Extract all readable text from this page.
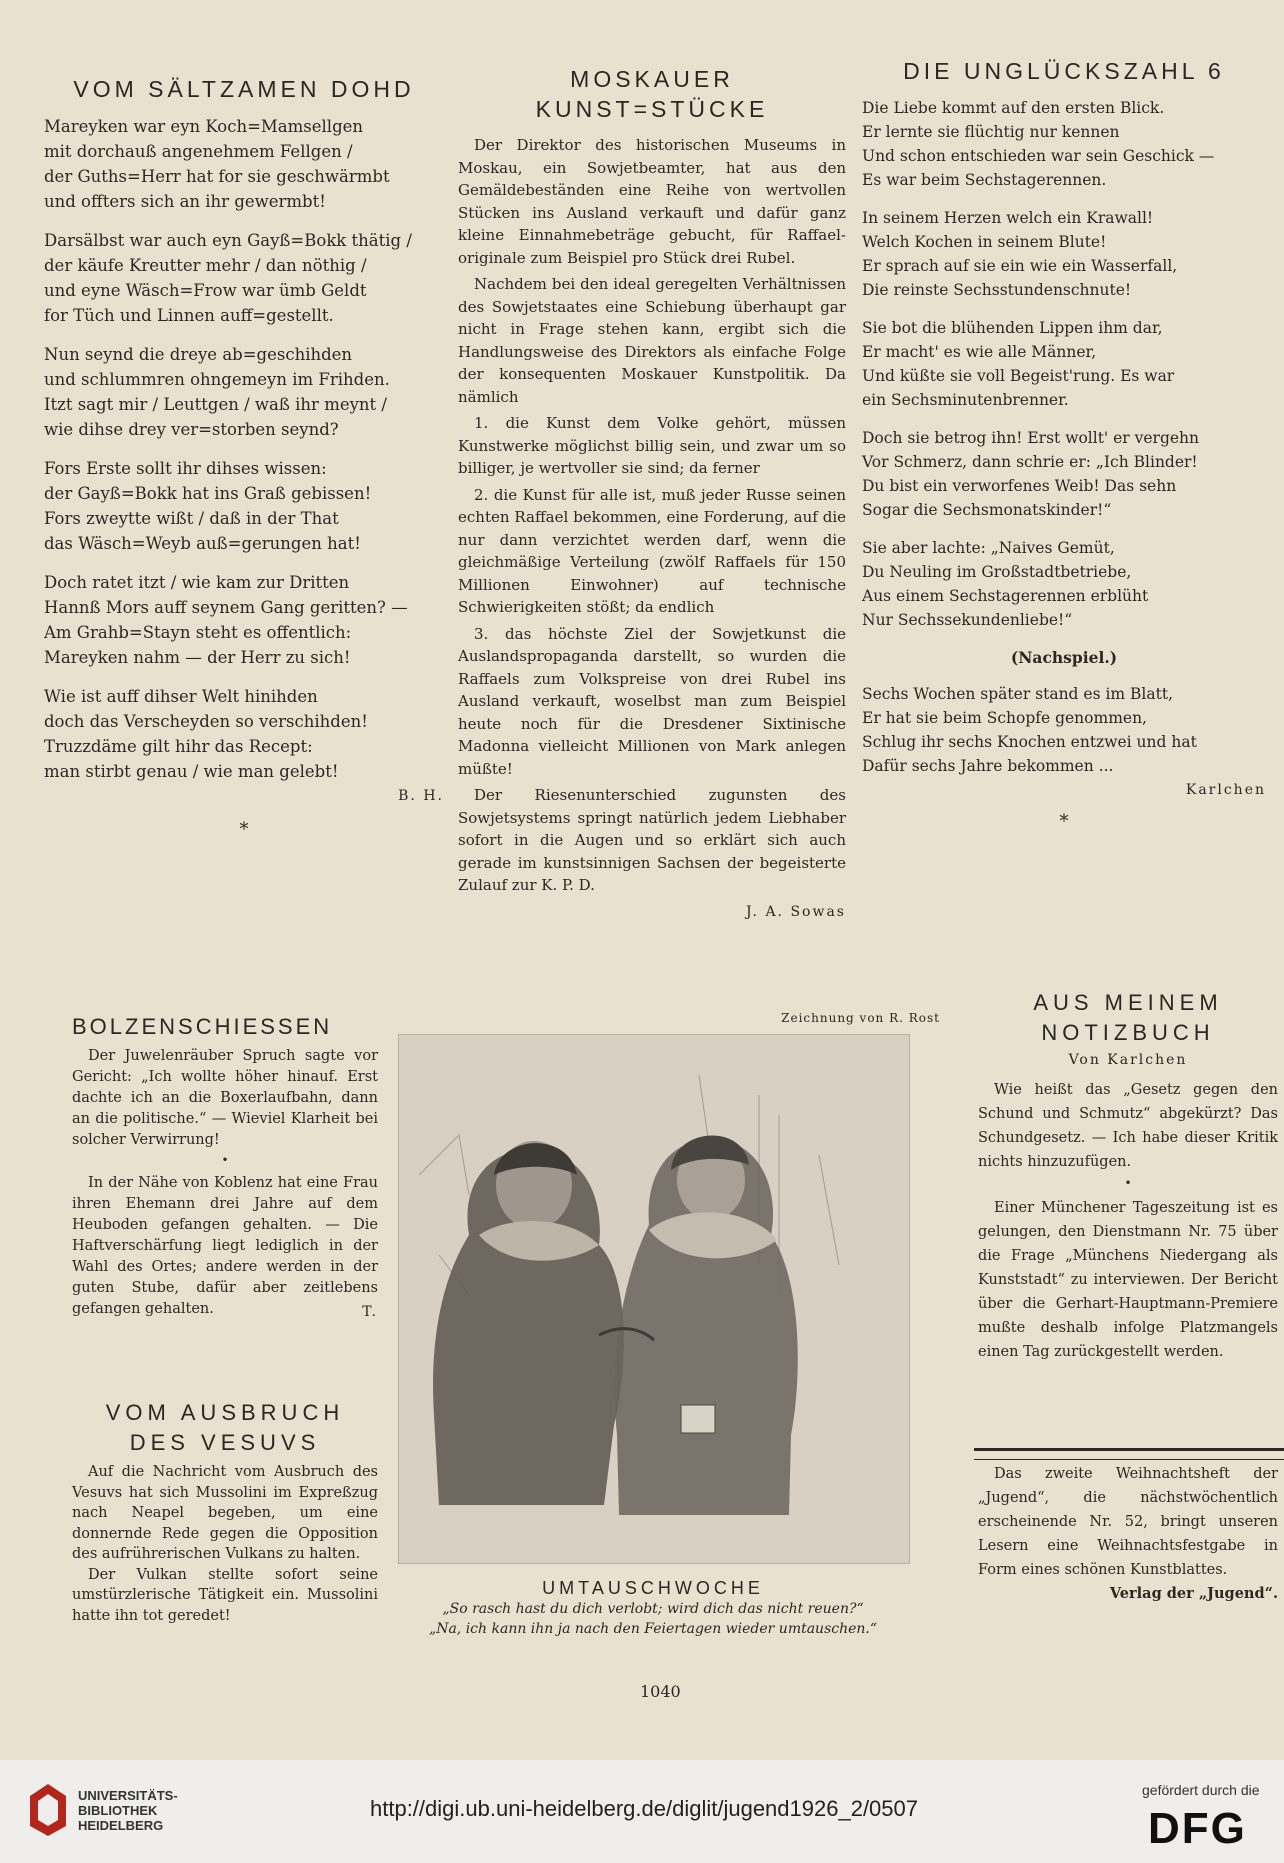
VOM SÄLTZAMEN DOHD

Mareyken war eyn Koch=Mamsellgen
mit dorchauß angenehmem Fellgen /
der Guths=Herr hat for sie geschwärmbt
und offters sich an ihr gewermbt!

Darsälbst war auch eyn Gayß=Bokk thätig /
der käufe Kreutter mehr / dan nöthig /
und eyne Wäsch=Frow war ümb Geldt
for Tüch und Linnen auff=gestellt.

Nun seynd die dreye ab=geschihden
und schlummren ohngemeyn im Frihden.
Itzt sagt mir / Leuttgen / waß ihr meynt /
wie dihse drey ver=storben seynd?

Fors Erste sollt ihr dihses wissen:
der Gayß=Bokk hat ins Graß gebissen!
Fors zweytte wißt / daß in der That
das Wäsch=Weyb auß=gerungen hat!

Doch ratet itzt / wie kam zur Dritten
Hannß Mors auff seynem Gang geritten? —
Am Grahb=Stayn steht es offentlich:
Mareyken nahm — der Herr zu sich!

Wie ist auff dihser Welt hinihden
doch das Verscheyden so verschihden!
Truzzdäme gilt hihr das Recept:
man stirbt genau / wie man gelebt!

B. H.
*
MOSKAUER
KUNST=STÜCKE

Der Direktor des historischen Museums in Moskau, ein Sowjetbeamter, hat aus den Gemäldebeständen eine Reihe von wertvollen Stücken ins Ausland verkauft und dafür ganz kleine Einnahmebeträge gebucht, für Raffael-originale zum Beispiel pro Stück drei Rubel.

Nachdem bei den ideal geregelten Verhältnissen des Sowjetstaates eine Schiebung überhaupt gar nicht in Frage stehen kann, ergibt sich die Handlungsweise des Direktors als einfache Folge der konsequenten Moskauer Kunstpolitik. Da nämlich

1. die Kunst dem Volke gehört, müssen Kunstwerke möglichst billig sein, und zwar um so billiger, je wertvoller sie sind; da ferner

2. die Kunst für alle ist, muß jeder Russe seinen echten Raffael bekommen, eine Forderung, auf die nur dann verzichtet werden darf, wenn die gleichmäßige Verteilung (zwölf Raffaels für 150 Millionen Einwohner) auf technische Schwierigkeiten stößt; da endlich

3. das höchste Ziel der Sowjetkunst die Auslandspropaganda darstellt, so wurden die Raffaels zum Volkspreise von drei Rubel ins Ausland verkauft, woselbst man zum Beispiel heute noch für die Dresdener Sixtinische Madonna vielleicht Millionen von Mark anlegen müßte!

Der Riesenunterschied zugunsten des Sowjetsystems springt natürlich jedem Liebhaber sofort in die Augen und so erklärt sich auch gerade im kunstsinnigen Sachsen der begeisterte Zulauf zur K. P. D.

J. A. Sowas
DIE UNGLÜCKSZAHL 6

Die Liebe kommt auf den ersten Blick.
Er lernte sie flüchtig nur kennen
Und schon entschieden war sein Geschick —
Es war beim Sechstagerennen.

In seinem Herzen welch ein Krawall!
Welch Kochen in seinem Blute!
Er sprach auf sie ein wie ein Wasserfall,
Die reinste Sechsstundenschnute!

Sie bot die blühenden Lippen ihm dar,
Er macht' es wie alle Männer,
Und küßte sie voll Begeist'rung. Es war
ein Sechsminutenbrenner.

Doch sie betrog ihn! Erst wollt' er vergehn
Vor Schmerz, dann schrie er: „Ich Blinder!
Du bist ein verworfenes Weib! Das sehn
Sogar die Sechsmonatskinder!“

Sie aber lachte: „Naives Gemüt,
Du Neuling im Großstadtbetriebe,
Aus einem Sechstagerennen erblüht
Nur Sechssekundenliebe!“

(Nachspiel.)

Sechs Wochen später stand es im Blatt,
Er hat sie beim Schopfe genommen,
Schlug ihr sechs Knochen entzwei und hat
Dafür sechs Jahre bekommen ...

Karlchen
*
BOLZENSCHIESSEN

Der Juwelenräuber Spruch sagte vor Gericht: „Ich wollte höher hinauf. Erst dachte ich an die Boxerlaufbahn, dann an die politische.“ — Wieviel Klarheit bei solcher Verwirrung!

•

In der Nähe von Koblenz hat eine Frau ihren Ehemann drei Jahre auf dem Heuboden gefangen gehalten. — Die Haftverschärfung liegt lediglich in der Wahl des Ortes; andere werden in der guten Stube, dafür aber zeitlebens gefangen gehalten.	T.
VOM AUSBRUCH
DES VESUVS

Auf die Nachricht vom Ausbruch des Vesuvs hat sich Mussolini im Expreßzug nach Neapel begeben, um eine donnernde Rede gegen die Opposition des aufrührerischen Vulkans zu halten.

Der Vulkan stellte sofort seine umstürzlerische Tätigkeit ein. Mussolini hatte ihn tot geredet!

Zeichnung von R. Rost
UMTAUSCHWOCHE
„So rasch hast du dich verlobt; wird dich das nicht reuen?“
„Na, ich kann ihn ja nach den Feiertagen wieder umtauschen.“
AUS MEINEM
NOTIZBUCH
Von Karlchen

Wie heißt das „Gesetz gegen den Schund und Schmutz“ abgekürzt? Das Schundgesetz. — Ich habe dieser Kritik nichts hinzuzufügen.

•

Einer Münchener Tageszeitung ist es gelungen, den Dienstmann Nr. 75 über die Frage „Münchens Niedergang als Kunststadt“ zu interviewen. Der Bericht über die Gerhart-Hauptmann-Premiere mußte deshalb infolge Platzmangels einen Tag zurückgestellt werden.

Das zweite Weihnachtsheft der „Jugend“, die nächstwöchentlich erscheinende Nr. 52, bringt unseren Lesern eine Weihnachtsfestgabe in Form eines schönen Kunstblattes.

Verlag der „Jugend“.
1040
UNIVERSITÄTS-
BIBLIOTHEK
HEIDELBERG
http://digi.ub.uni-heidelberg.de/diglit/jugend1926_2/0507
gefördert durch die
DFG
